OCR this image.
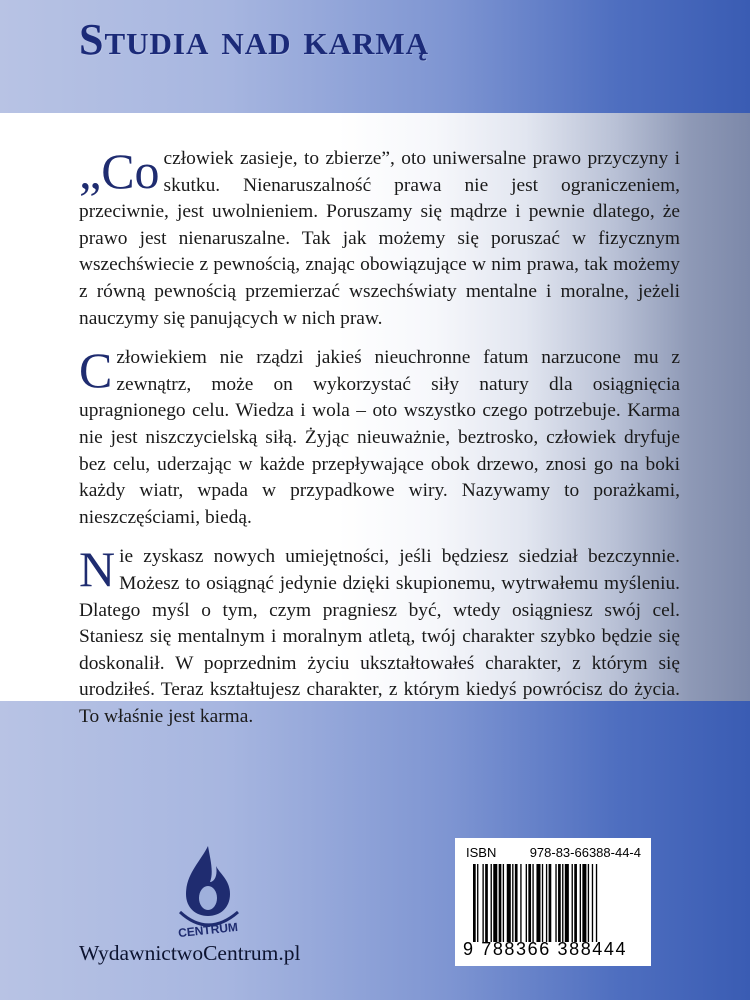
Studia nad karmą

„Co człowiek zasieje, to zbierze”, oto uniwersalne prawo przyczyny i skutku. Nienaruszalność prawa nie jest ograniczeniem, przeciwnie, jest uwolnieniem. Poruszamy się mądrze i pewnie dlatego, że prawo jest nienaruszalne. Tak jak możemy się poruszać w fizycznym wszechświecie z pewnością, znając obowiązujące w nim prawa, tak możemy z równą pewnością przemierzać wszechświaty mentalne i moralne, jeżeli nauczymy się panujących w nich praw.

Człowiekiem nie rządzi jakieś nieuchronne fatum narzucone mu z zewnątrz, może on wykorzystać siły natury dla osiągnięcia upragnionego celu. Wiedza i wola – oto wszystko czego potrzebuje. Karma nie jest niszczycielską siłą. Żyjąc nieuważnie, beztrosko, człowiek dryfuje bez celu, uderzając w każde przepływające obok drzewo, znosi go na boki każdy wiatr, wpada w przypadkowe wiry. Nazywamy to porażkami, nieszczęściami, biedą.

Nie zyskasz nowych umiejętności, jeśli będziesz siedział bezczynnie. Możesz to osiągnąć jedynie dzięki skupionemu, wytrwałemu myśleniu. Dlatego myśl o tym, czym pragniesz być, wtedy osiągniesz swój cel. Staniesz się mentalnym i moralnym atletą, twój charakter szybko będzie się doskonalił. W poprzednim życiu ukształtowałeś charakter, z którym się urodziłeś. Teraz kształtujesz charakter, z którym kiedyś powrócisz do życia. To właśnie jest karma.

CENTRUM
WydawnictwoCentrum.pl
ISBN	978-83-66388-44-4
9 788366 388444
